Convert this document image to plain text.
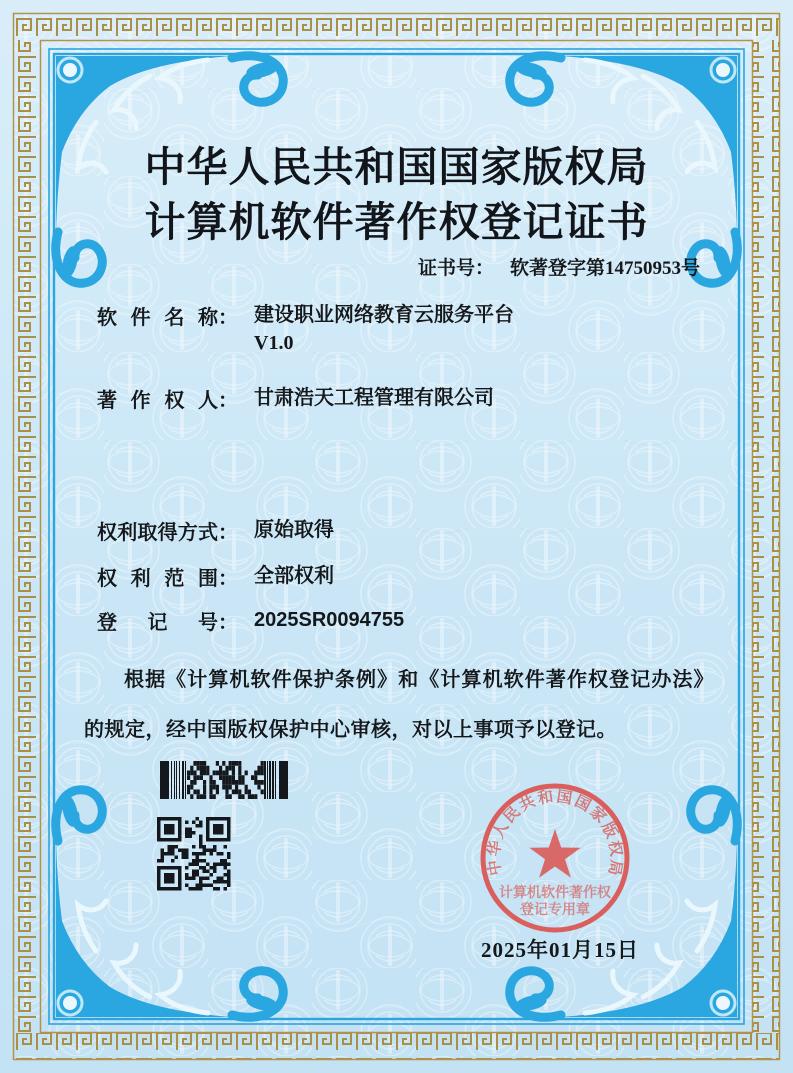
中华人民共和国国家版权局
计算机软件著作权登记证书
证书号： 软著登字第14750953号
软 件 名 称 ： 建设职业网络教育云服务平台
V1.0
著 作 权 人 ： 甘肃浩天工程管理有限公司
权 利 取 得 方 式 ： 原始取得
权 利 范 围 ： 全部权利
登 记 号 ： 2025SR0094755
根据《计算机软件保护条例》和《计算机软件著作权登记办法》的规定，经中国版权保护中心审核，对以上事项予以登记。
中华人民共和国国家版权局
计算机软件著作权
登记专用章
2025年01月15日
